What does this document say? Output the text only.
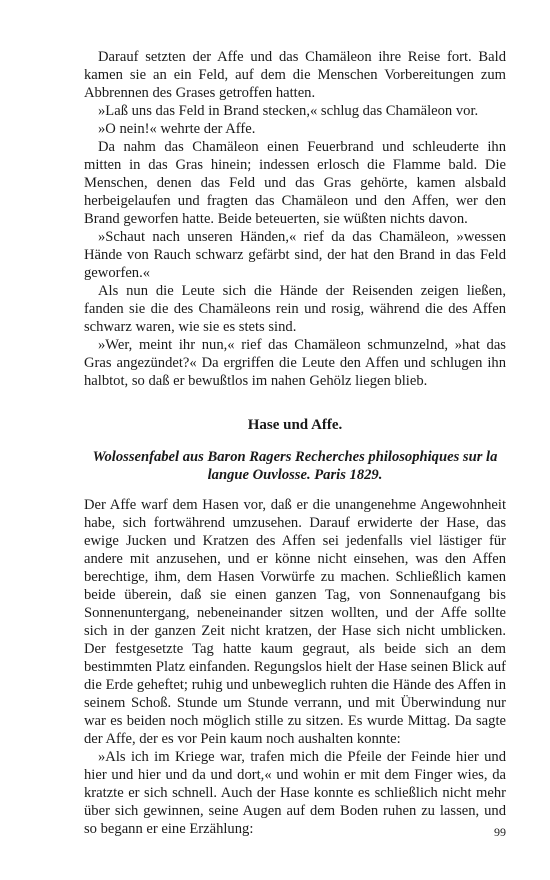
Darauf setzten der Affe und das Chamäleon ihre Reise fort. Bald kamen sie an ein Feld, auf dem die Menschen Vorbereitungen zum Abbrennen des Grases getroffen hatten.

»Laß uns das Feld in Brand stecken,« schlug das Chamäleon vor.

»O nein!« wehrte der Affe.

Da nahm das Chamäleon einen Feuerbrand und schleuderte ihn mitten in das Gras hinein; indessen erlosch die Flamme bald. Die Menschen, denen das Feld und das Gras gehörte, kamen alsbald herbeigelaufen und fragten das Chamäleon und den Affen, wer den Brand geworfen hatte. Beide beteuerten, sie wüßten nichts davon.

»Schaut nach unseren Händen,« rief da das Chamäleon, »wessen Hände von Rauch schwarz gefärbt sind, der hat den Brand in das Feld geworfen.«

Als nun die Leute sich die Hände der Reisenden zeigen ließen, fanden sie die des Chamäleons rein und rosig, während die des Affen schwarz waren, wie sie es stets sind.

»Wer, meint ihr nun,« rief das Chamäleon schmunzelnd, »hat das Gras angezündet?« Da ergriffen die Leute den Affen und schlugen ihn halbtot, so daß er bewußtlos im nahen Gehölz liegen blieb.

Hase und Affe.
Wolossenfabel aus Baron Ragers Recherches philosophiques sur la langue Ouvlosse. Paris 1829.

Der Affe warf dem Hasen vor, daß er die unangenehme Angewohnheit habe, sich fortwährend umzusehen. Darauf erwiderte der Hase, das ewige Jucken und Kratzen des Affen sei jedenfalls viel lästiger für andere mit anzusehen, und er könne nicht einsehen, was den Affen berechtige, ihm, dem Hasen Vorwürfe zu machen. Schließlich kamen beide überein, daß sie einen ganzen Tag, von Sonnenaufgang bis Sonnenuntergang, nebeneinander sitzen wollten, und der Affe sollte sich in der ganzen Zeit nicht kratzen, der Hase sich nicht umblicken. Der festgesetzte Tag hatte kaum gegraut, als beide sich an dem bestimmten Platz einfanden. Regungslos hielt der Hase seinen Blick auf die Erde geheftet; ruhig und unbeweglich ruhten die Hände des Affen in seinem Schoß. Stunde um Stunde verrann, und mit Überwindung nur war es beiden noch möglich stille zu sitzen. Es wurde Mittag. Da sagte der Affe, der es vor Pein kaum noch aushalten konnte:

»Als ich im Kriege war, trafen mich die Pfeile der Feinde hier und hier und hier und da und dort,« und wohin er mit dem Finger wies, da kratzte er sich schnell. Auch der Hase konnte es schließlich nicht mehr über sich gewinnen, seine Augen auf dem Boden ruhen zu lassen, und so begann er eine Erzählung:	99
